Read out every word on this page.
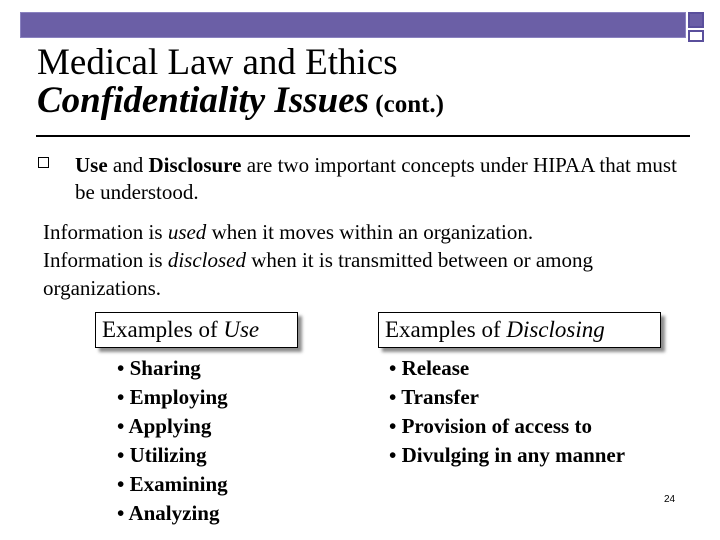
Medical Law and Ethics
Confidentiality Issues (cont.)
Use and Disclosure are two important concepts under HIPAA that must be understood.

Information is used when it moves within an organization.

Information is disclosed when it is transmitted between or among organizations.

Examples of Use	Examples of Disclosing
• Sharing
• Employing
• Applying
• Utilizing
• Examining
• Analyzing
• Release
• Transfer
• Provision of access to
• Divulging in any manner
24
